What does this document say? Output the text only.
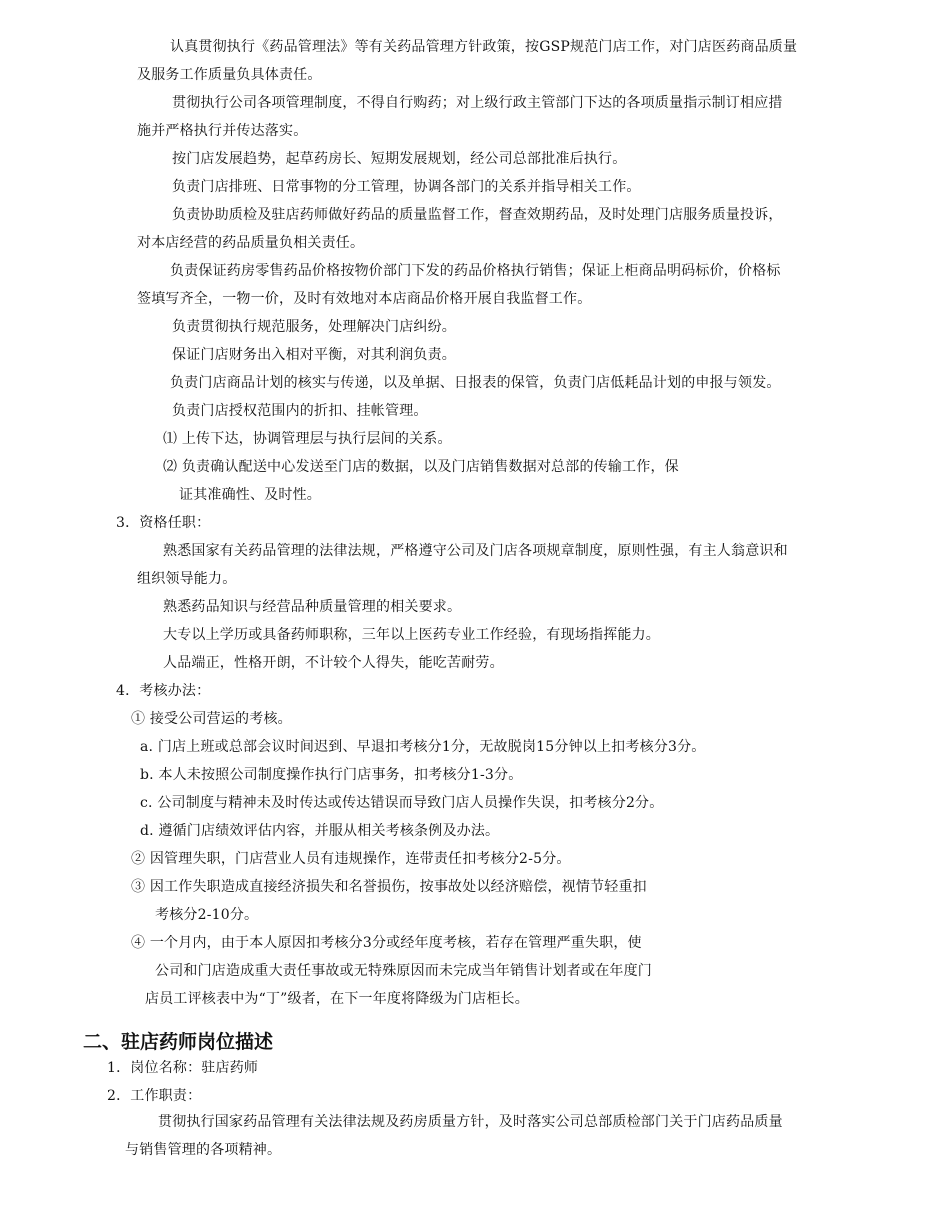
认真贯彻执行《药品管理法》等有关药品管理方针政策，按GSP规范门店工作，对门店医药商品质量
及服务工作质量负具体责任。
贯彻执行公司各项管理制度，不得自行购药；对上级行政主管部门下达的各项质量指示制订相应措
施并严格执行并传达落实。
按门店发展趋势，起草药房长、短期发展规划，经公司总部批准后执行。
负责门店排班、日常事物的分工管理，协调各部门的关系并指导相关工作。
负责协助质检及驻店药师做好药品的质量监督工作，督查效期药品，及时处理门店服务质量投诉，
对本店经营的药品质量负相关责任。
负责保证药房零售药品价格按物价部门下发的药品价格执行销售；保证上柜商品明码标价，价格标
签填写齐全，一物一价，及时有效地对本店商品价格开展自我监督工作。
负责贯彻执行规范服务，处理解决门店纠纷。
保证门店财务出入相对平衡，对其利润负责。
负责门店商品计划的核实与传递，以及单据、日报表的保管，负责门店低耗品计划的申报与领发。
负责门店授权范围内的折扣、挂帐管理。
⑴ 上传下达，协调管理层与执行层间的关系。
⑵ 负责确认配送中心发送至门店的数据，以及门店销售数据对总部的传输工作，保
证其准确性、及时性。
3．资格任职：
熟悉国家有关药品管理的法律法规，严格遵守公司及门店各项规章制度，原则性强，有主人翁意识和
组织领导能力。
熟悉药品知识与经营品种质量管理的相关要求。
大专以上学历或具备药师职称，三年以上医药专业工作经验，有现场指挥能力。
人品端正，性格开朗，不计较个人得失，能吃苦耐劳。
4．考核办法：
① 接受公司营运的考核。
a. 门店上班或总部会议时间迟到、早退扣考核分1分，无故脱岗15分钟以上扣考核分3分。
b. 本人未按照公司制度操作执行门店事务，扣考核分1-3分。
c. 公司制度与精神未及时传达或传达错误而导致门店人员操作失误，扣考核分2分。
d. 遵循门店绩效评估内容，并服从相关考核条例及办法。
② 因管理失职，门店营业人员有违规操作，连带责任扣考核分2-5分。
③ 因工作失职造成直接经济损失和名誉损伤，按事故处以经济赔偿，视情节轻重扣
考核分2-10分。
④ 一个月内，由于本人原因扣考核分3分或经年度考核，若存在管理严重失职，使
公司和门店造成重大责任事故或无特殊原因而未完成当年销售计划者或在年度门
店员工评核表中为“丁”级者，在下一年度将降级为门店柜长。
二、驻店药师岗位描述
1．岗位名称：驻店药师
2．工作职责：
贯彻执行国家药品管理有关法律法规及药房质量方针，及时落实公司总部质检部门关于门店药品质量
与销售管理的各项精神。
